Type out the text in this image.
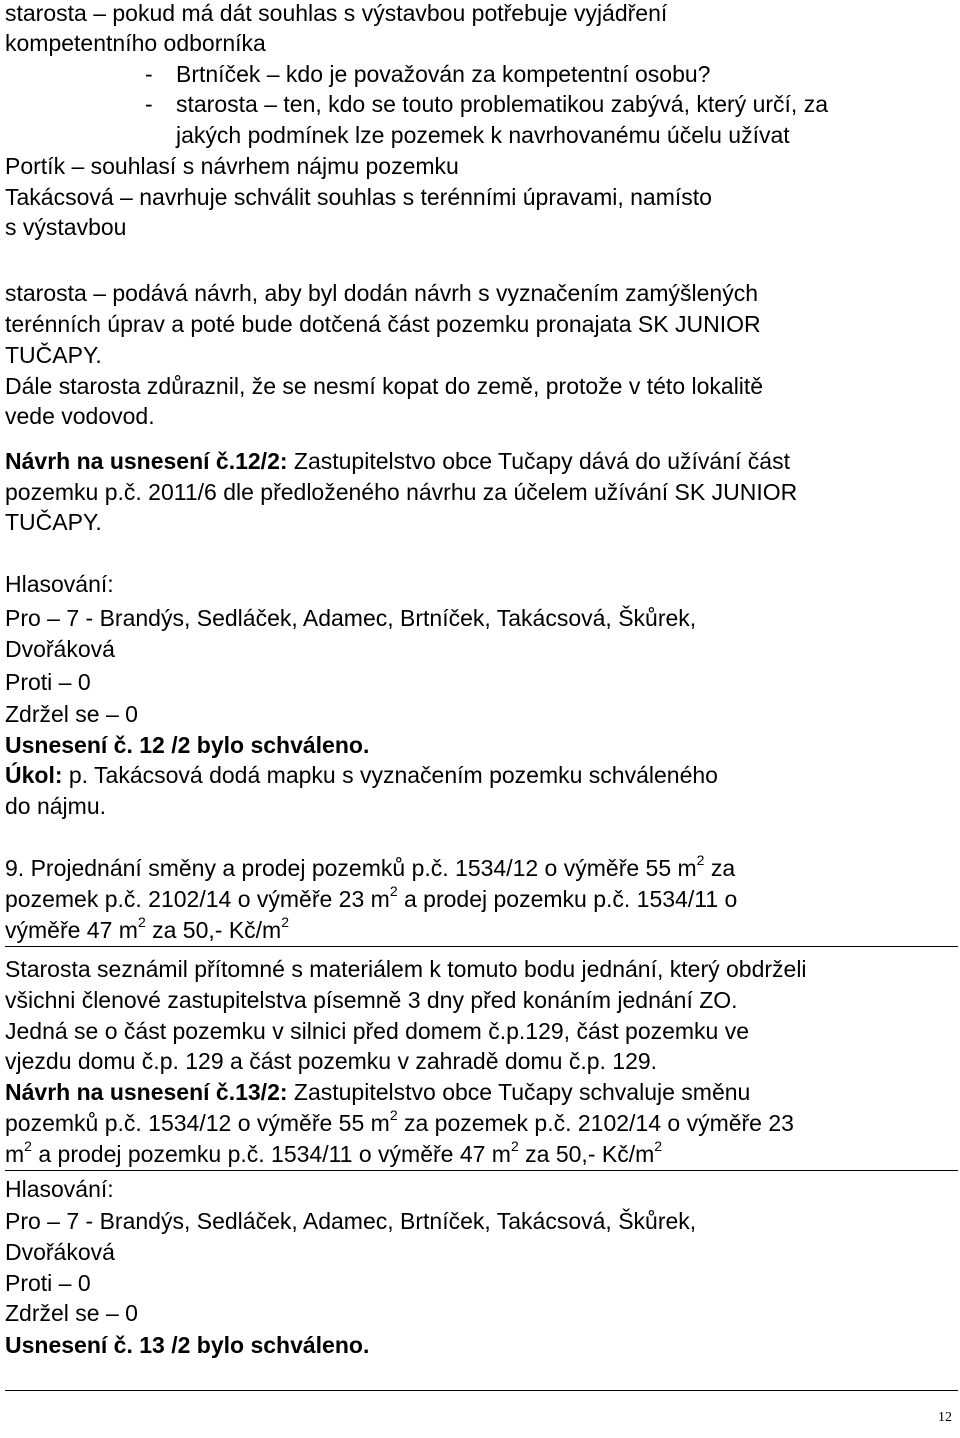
starosta – pokud má dát souhlas s výstavbou potřebuje vyjádření
kompetentního odborníka
- Brtníček – kdo je považován za kompetentní osobu?
- starosta – ten, kdo se touto problematikou zabývá, který určí, za
jakých podmínek lze pozemek k navrhovanému účelu užívat
Portík – souhlasí s návrhem nájmu pozemku
Takácsová – navrhuje schválit souhlas s terénními úpravami, namísto
s výstavbou
starosta – podává návrh, aby byl dodán návrh s vyznačením zamýšlených
terénních úprav a poté bude dotčená část pozemku pronajata SK JUNIOR
TUČAPY.
Dále starosta zdůraznil, že se nesmí kopat do země, protože v této lokalitě
vede vodovod.
Návrh na usnesení č.12/2: Zastupitelstvo obce Tučapy dává do užívání část
pozemku p.č. 2011/6 dle předloženého návrhu za účelem užívání SK JUNIOR
TUČAPY.
Hlasování:
Pro – 7 - Brandýs, Sedláček, Adamec, Brtníček, Takácsová, Škůrek,
Dvořáková
Proti – 0
Zdržel se – 0
Usnesení č. 12 /2 bylo schváleno.
Úkol: p. Takácsová dodá mapku s vyznačením pozemku schváleného
do nájmu.
9. Projednání směny a prodej pozemků p.č. 1534/12 o výměře 55 $m^2$ za
pozemek p.č. 2102/14 o výměře 23 $m^2$ a prodej pozemku p.č. 1534/11 o
výměře 47 $m^2$ za 50,- $Kč/m^2$
Starosta seznámil přítomné s materiálem k tomuto bodu jednání, který obdrželi
všichni členové zastupitelstva písemně 3 dny před konáním jednání ZO.
Jedná se o část pozemku v silnici před domem č.p.129, část pozemku ve
vjezdu domu č.p. 129 a část pozemku v zahradě domu č.p. 129.
Návrh na usnesení č.13/2: Zastupitelstvo obce Tučapy schvaluje směnu
pozemků p.č. 1534/12 o výměře 55 $m^2$ za pozemek p.č. 2102/14 o výměře 23
$m^2$ a prodej pozemku p.č. 1534/11 o výměře 47 $m^2$ za 50,- $Kč/m^2$
Hlasování:
Pro – 7 - Brandýs, Sedláček, Adamec, Brtníček, Takácsová, Škůrek,
Dvořáková
Proti – 0
Zdržel se – 0
Usnesení č. 13 /2 bylo schváleno.
12
